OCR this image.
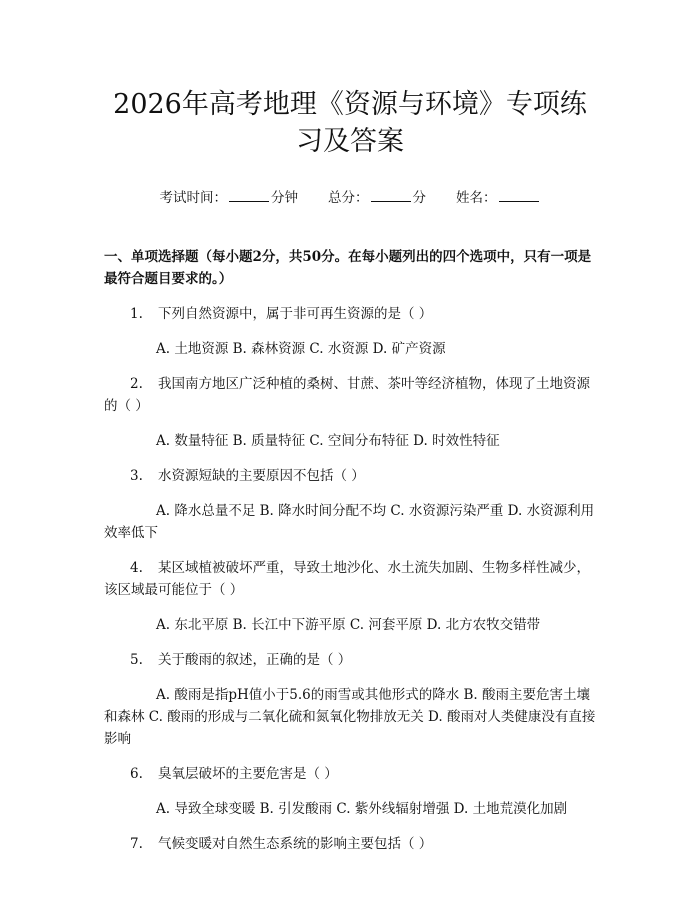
2026年高考地理《资源与环境》专项练习及答案
考试时间：	分钟 总分：	分 姓名：
一、单项选择题（每小题2分，共50分。在每小题列出的四个选项中，只有一项是最符合题目要求的。）
1. 下列自然资源中，属于非可再生资源的是（ ）
A. 土地资源 B. 森林资源 C. 水资源 D. 矿产资源
2. 我国南方地区广泛种植的桑树、甘蔗、茶叶等经济植物，体现了土地资源的（ ）
A. 数量特征 B. 质量特征 C. 空间分布特征 D. 时效性特征
3. 水资源短缺的主要原因不包括（ ）
A. 降水总量不足 B. 降水时间分配不均 C. 水资源污染严重 D. 水资源利用效率低下
4. 某区域植被破坏严重，导致土地沙化、水土流失加剧、生物多样性减少，该区域最可能位于（ ）
A. 东北平原 B. 长江中下游平原 C. 河套平原 D. 北方农牧交错带
5. 关于酸雨的叙述，正确的是（ ）
A. 酸雨是指pH值小于5.6的雨雪或其他形式的降水 B. 酸雨主要危害土壤和森林 C. 酸雨的形成与二氧化硫和氮氧化物排放无关 D. 酸雨对人类健康没有直接影响
6. 臭氧层破坏的主要危害是（ ）
A. 导致全球变暖 B. 引发酸雨 C. 紫外线辐射增强 D. 土地荒漠化加剧
7. 气候变暖对自然生态系统的影响主要包括（ ）
